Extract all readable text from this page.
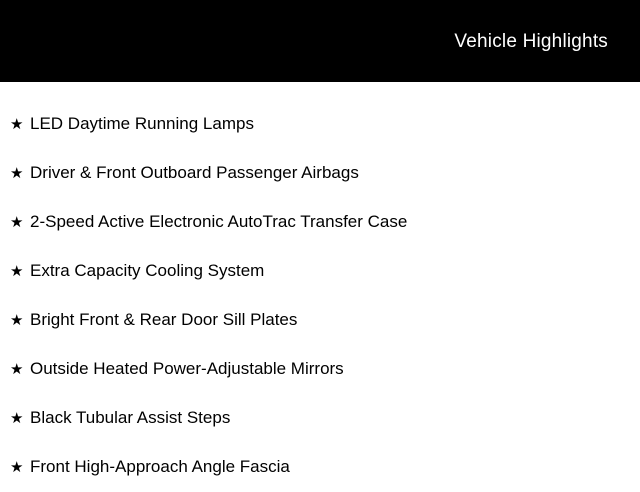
Vehicle Highlights
★ LED Daytime Running Lamps
★ Driver & Front Outboard Passenger Airbags
★ 2-Speed Active Electronic AutoTrac Transfer Case
★ Extra Capacity Cooling System
★ Bright Front & Rear Door Sill Plates
★ Outside Heated Power-Adjustable Mirrors
★ Black Tubular Assist Steps
★ Front High-Approach Angle Fascia
